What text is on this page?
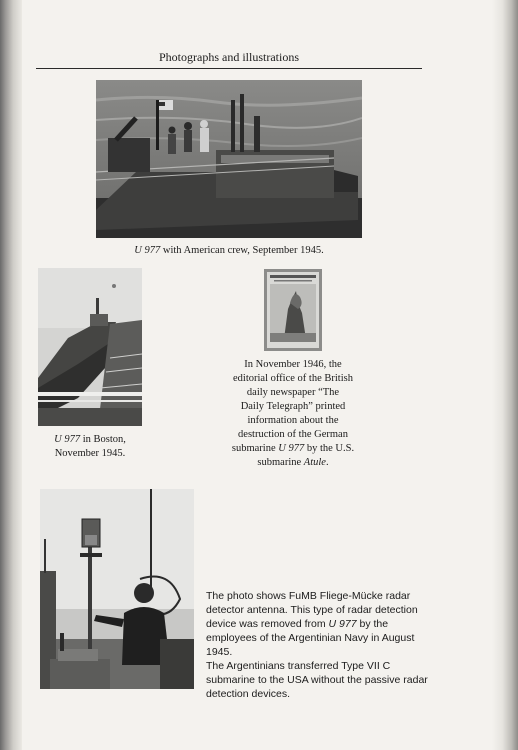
Photographs and illustrations
U 977 with American crew, September 1945.
U 977 in Boston,
November 1945.
In November 1946, the
editorial office of the British
daily newspaper “The
Daily Telegraph” printed
information about the
destruction of the German
submarine U 977 by the U.S.
submarine Atule.
The photo shows FuMB Fliege-Mücke radar
detector antenna. This type of radar detection
device was removed from U 977 by the
employees of the Argentinian Navy in August 1945.
The Argentinians transferred Type VII C
submarine to the USA without the passive radar
detection devices.
